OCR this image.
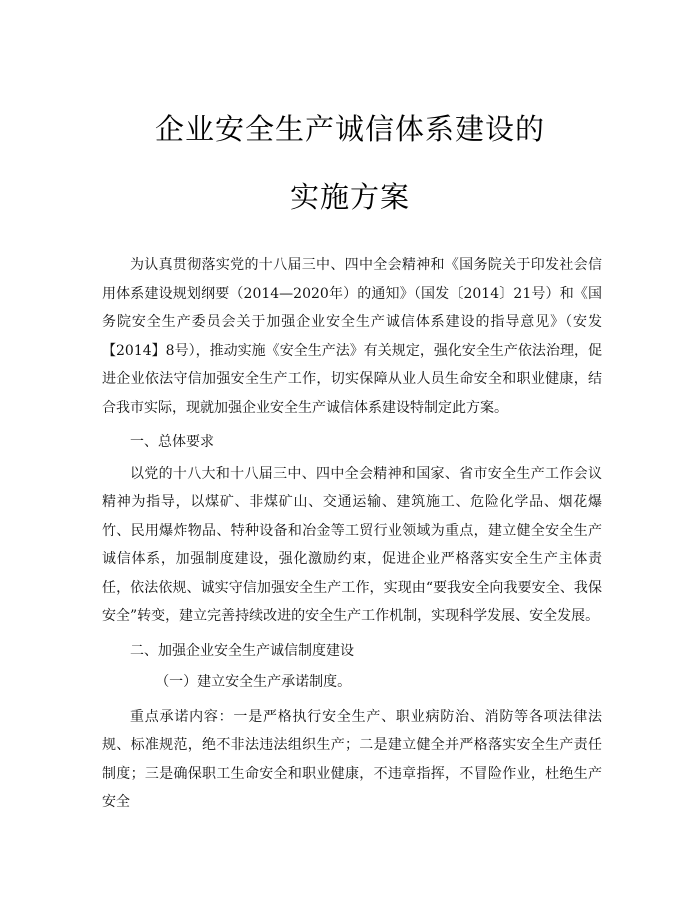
企业安全生产诚信体系建设的
实施方案

为认真贯彻落实党的十八届三中、四中全会精神和《国务院关于印发社会信用体系建设规划纲要（2014—2020年）的通知》（国发〔2014〕21号）和《国务院安全生产委员会关于加强企业安全生产诚信体系建设的指导意见》（安发【2014】8号），推动实施《安全生产法》有关规定，强化安全生产依法治理，促进企业依法守信加强安全生产工作，切实保障从业人员生命安全和职业健康，结合我市实际，现就加强企业安全生产诚信体系建设特制定此方案。

一、总体要求

以党的十八大和十八届三中、四中全会精神和国家、省市安全生产工作会议精神为指导，以煤矿、非煤矿山、交通运输、建筑施工、危险化学品、烟花爆竹、民用爆炸物品、特种设备和冶金等工贸行业领域为重点，建立健全安全生产诚信体系，加强制度建设，强化激励约束，促进企业严格落实安全生产主体责任，依法依规、诚实守信加强安全生产工作，实现由“要我安全向我要安全、我保安全”转变，建立完善持续改进的安全生产工作机制，实现科学发展、安全发展。

二、加强企业安全生产诚信制度建设

（一）建立安全生产承诺制度。

重点承诺内容：一是严格执行安全生产、职业病防治、消防等各项法律法规、标准规范，绝不非法违法组织生产；二是建立健全并严格落实安全生产责任制度；三是确保职工生命安全和职业健康，不违章指挥，不冒险作业，杜绝生产安全
